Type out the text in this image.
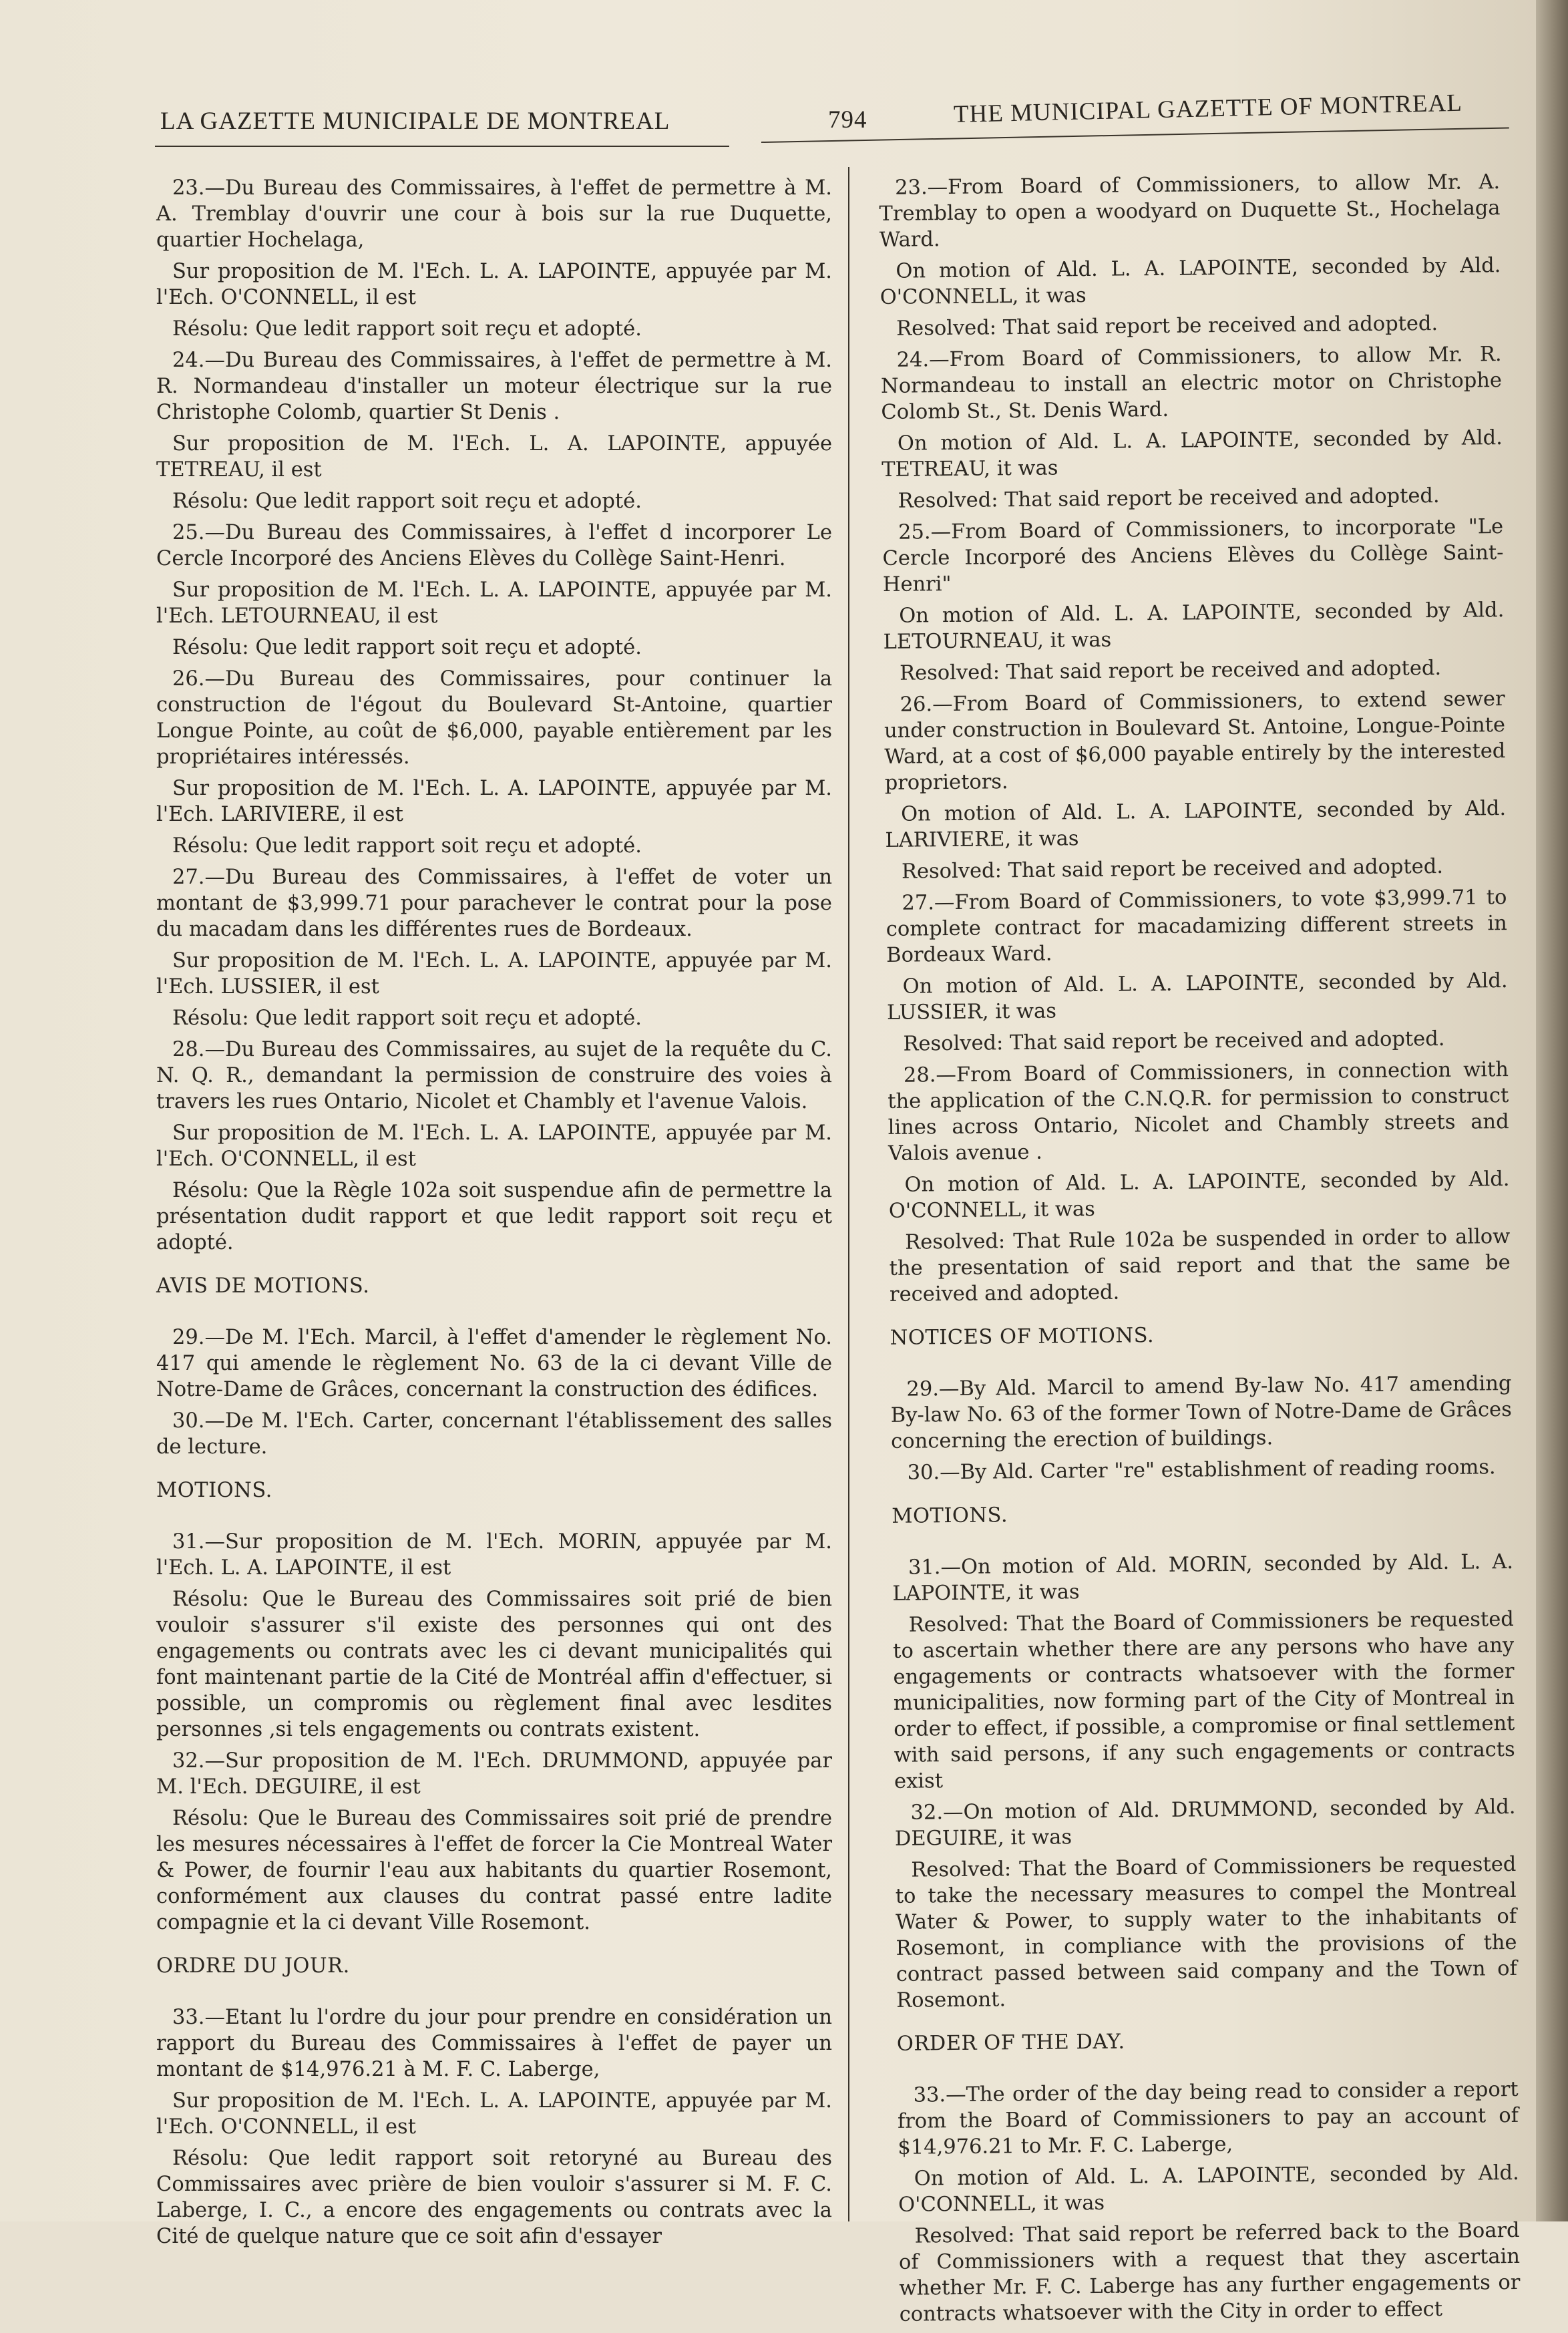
LA GAZETTE MUNICIPALE DE MONTREAL	794	THE MUNICIPAL GAZETTE OF MONTREAL

23.—Du Bureau des Commissaires, à l'effet de permettre à M. A. Tremblay d'ouvrir une cour à bois sur la rue Duquette, quartier Hochelaga,

Sur proposition de M. l'Ech. L. A. LAPOINTE, appuyée par M. l'Ech. O'CONNELL, il est

Résolu: Que ledit rapport soit reçu et adopté.

24.—Du Bureau des Commissaires, à l'effet de permettre à M. R. Normandeau d'installer un moteur électrique sur la rue Christophe Colomb, quartier St Denis .

Sur proposition de M. l'Ech. L. A. LAPOINTE, appuyée TETREAU, il est

Résolu: Que ledit rapport soit reçu et adopté.

25.—Du Bureau des Commissaires, à l'effet d incorporer Le Cercle Incorporé des Anciens Elèves du Collège Saint-Henri.

Sur proposition de M. l'Ech. L. A. LAPOINTE, appuyée par M. l'Ech. LETOURNEAU, il est

Résolu: Que ledit rapport soit reçu et adopté.

26.—Du Bureau des Commissaires, pour continuer la construction de l'égout du Boulevard St-Antoine, quartier Longue Pointe, au coût de $6,000, payable entièrement par les propriétaires intéressés.

Sur proposition de M. l'Ech. L. A. LAPOINTE, appuyée par M. l'Ech. LARIVIERE, il est

Résolu: Que ledit rapport soit reçu et adopté.

27.—Du Bureau des Commissaires, à l'effet de voter un montant de $3,999.71 pour parachever le contrat pour la pose du macadam dans les différentes rues de Bordeaux.

Sur proposition de M. l'Ech. L. A. LAPOINTE, appuyée par M. l'Ech. LUSSIER, il est

Résolu: Que ledit rapport soit reçu et adopté.

28.—Du Bureau des Commissaires, au sujet de la requête du C. N. Q. R., demandant la permission de construire des voies à travers les rues Ontario, Nicolet et Chambly et l'avenue Valois.

Sur proposition de M. l'Ech. L. A. LAPOINTE, appuyée par M. l'Ech. O'CONNELL, il est

Résolu: Que la Règle 102a soit suspendue afin de permettre la présentation dudit rapport et que ledit rapport soit reçu et adopté.

AVIS DE MOTIONS.

29.—De M. l'Ech. Marcil, à l'effet d'amender le règlement No. 417 qui amende le règlement No. 63 de la ci devant Ville de Notre-Dame de Grâces, concernant la construction des édifices.

30.—De M. l'Ech. Carter, concernant l'établissement des salles de lecture.

MOTIONS.

31.—Sur proposition de M. l'Ech. MORIN, appuyée par M. l'Ech. L. A. LAPOINTE, il est

Résolu: Que le Bureau des Commissaires soit prié de bien vouloir s'assurer s'il existe des personnes qui ont des engagements ou contrats avec les ci devant municipalités qui font maintenant partie de la Cité de Montréal affin d'effectuer, si possible, un compromis ou règlement final avec lesdites personnes ,si tels engagements ou contrats existent.

32.—Sur proposition de M. l'Ech. DRUMMOND, appuyée par M. l'Ech. DEGUIRE, il est

Résolu: Que le Bureau des Commissaires soit prié de prendre les mesures nécessaires à l'effet de forcer la Cie Montreal Water & Power, de fournir l'eau aux habitants du quartier Rosemont, conformément aux clauses du contrat passé entre ladite compagnie et la ci devant Ville Rosemont.

ORDRE DU JOUR.

33.—Etant lu l'ordre du jour pour prendre en considération un rapport du Bureau des Commissaires à l'effet de payer un montant de $14,976.21 à M. F. C. Laberge,

Sur proposition de M. l'Ech. L. A. LAPOINTE, appuyée par M. l'Ech. O'CONNELL, il est

Résolu: Que ledit rapport soit retorуné au Bureau des Commissaires avec prière de bien vouloir s'assurer si M. F. C. Laberge, I. C., a encore des engagements ou contrats avec la Cité de quelque nature que ce soit afin d'essayer

23.—From Board of Commissioners, to allow Mr. A. Tremblay to open a woodyard on Duquette St., Hochelaga Ward.

On motion of Ald. L. A. LAPOINTE, seconded by Ald. O'CONNELL, it was

Resolved: That said report be received and adopted.

24.—From Board of Commissioners, to allow Mr. R. Normandeau to install an electric motor on Christophe Colomb St., St. Denis Ward.

On motion of Ald. L. A. LAPOINTE, seconded by Ald. TETREAU, it was

Resolved: That said report be received and adopted.

25.—From Board of Commissioners, to incorporate "Le Cercle Incorporé des Anciens Elèves du Collège Saint-Henri"

On motion of Ald. L. A. LAPOINTE, seconded by Ald. LETOURNEAU, it was

Resolved: That said report be received and adopted.

26.—From Board of Commissioners, to extend sewer under construction in Boulevard St. Antoine, Longue-Pointe Ward, at a cost of $6,000 payable entirely by the interested proprietors.

On motion of Ald. L. A. LAPOINTE, seconded by Ald. LARIVIERE, it was

Resolved: That said report be received and adopted.

27.—From Board of Commissioners, to vote $3,999.71 to complete contract for macadamizing different streets in Bordeaux Ward.

On motion of Ald. L. A. LAPOINTE, seconded by Ald. LUSSIER, it was

Resolved: That said report be received and adopted.

28.—From Board of Commissioners, in connection with the application of the C.N.Q.R. for permission to construct lines across Ontario, Nicolet and Chambly streets and Valois avenue .

On motion of Ald. L. A. LAPOINTE, seconded by Ald. O'CONNELL, it was

Resolved: That Rule 102a be suspended in order to allow the presentation of said report and that the same be received and adopted.

NOTICES OF MOTIONS.

29.—By Ald. Marcil to amend By-law No. 417 amending By-law No. 63 of the former Town of Notre-Dame de Grâces concerning the erection of buildings.

30.—By Ald. Carter "re" establishment of reading rooms.

MOTIONS.

31.—On motion of Ald. MORIN, seconded by Ald. L. A. LAPOINTE, it was

Resolved: That the Board of Commissioners be requested to ascertain whether there are any persons who have any engagements or contracts whatsoever with the former municipalities, now forming part of the City of Montreal in order to effect, if possible, a compromise or final settlement with said persons, if any such engagements or contracts exist

32.—On motion of Ald. DRUMMOND, seconded by Ald. DEGUIRE, it was

Resolved: That the Board of Commissioners be requested to take the necessary measures to compel the Montreal Water & Power, to supply water to the inhabitants of Rosemont, in compliance with the provisions of the contract passed between said company and the Town of Rosemont.

ORDER OF THE DAY.

33.—The order of the day being read to consider a report from the Board of Commissioners to pay an account of $14,976.21 to Mr. F. C. Laberge,

On motion of Ald. L. A. LAPOINTE, seconded by Ald. O'CONNELL, it was

Resolved: That said report be referred back to the Board of Commissioners with a request that they ascertain whether Mr. F. C. Laberge has any further engagements or contracts whatsoever with the City in order to effect
